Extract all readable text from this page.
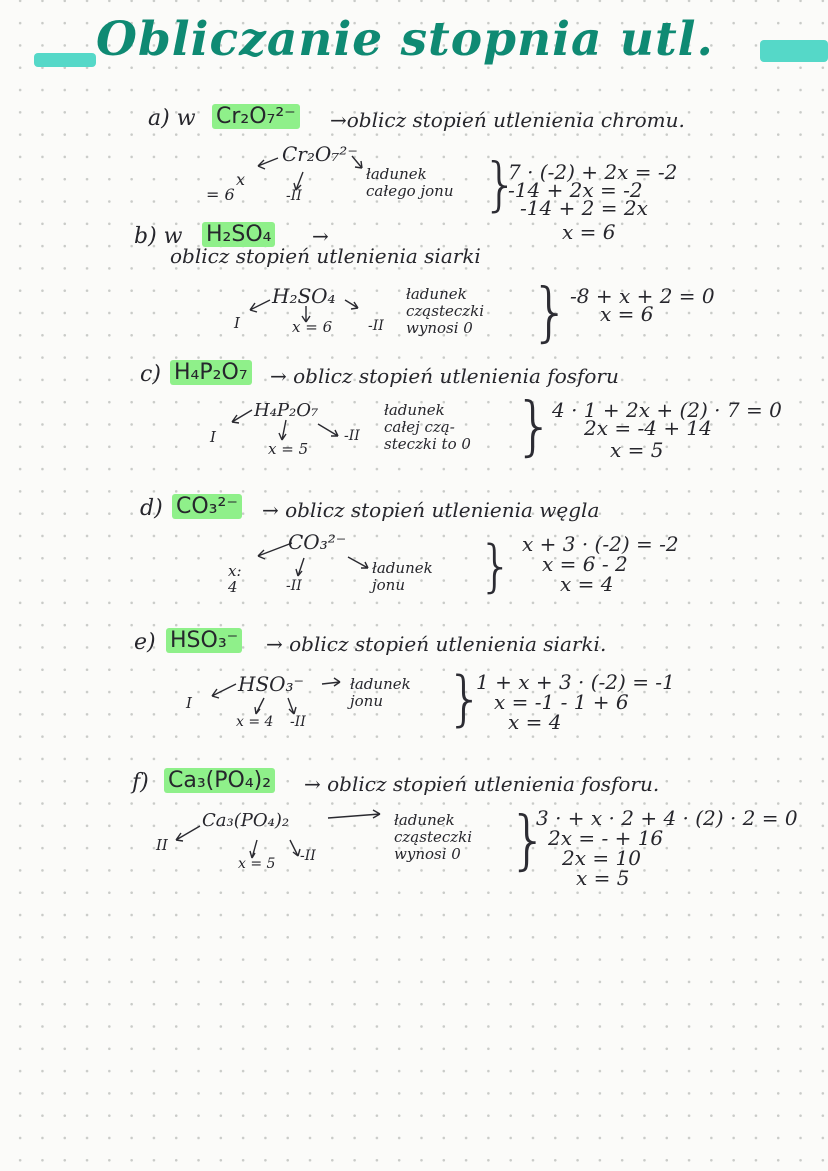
Obliczanie stopnia utl.
a) w Cr₂O₇²⁻ →oblicz stopień utlenienia chromu.
Cr₂O₇²⁻
x
= 6	-II
ładunek
całego jonu }
7 · (-2) + 2x = -2
-14 + 2x = -2
-14 + 2 = 2x
x = 6
b) w H₂SO₄ →
oblicz stopień utlenienia siarki
H₂SO₄
I	x = 6	-II
ładunek
cząsteczki
wynosi 0 } -8 + x + 2 = 0
x = 6
c) H₄P₂O₇ → oblicz stopień utlenienia fosforu
H₄P₂O₇
I
x = 5
-II
ładunek
całej czą-
steczki to 0 }
4 · 1 + 2x + (2) · 7 = 0
2x = -4 + 14
x = 5
d) CO₃²⁻ → oblicz stopień utlenienia węgla
CO₃²⁻
x:
4	-II
ładunek
jonu	} x + 3 · (-2) = -2
x = 6 - 2
x = 4
e) HSO₃⁻ → oblicz stopień utlenienia siarki.
HSO₃⁻
I
x = 4 -II
ładunek
jonu	}
1 + x + 3 · (-2) = -1
x = -1 - 1 + 6
x = 4
f) Ca₃(PO₄)₂ → oblicz stopień utlenienia fosforu.
Ca₃(PO₄)₂
II
x = 5 -II
ładunek
cząsteczki
wynosi 0 }
3 · + x · 2 + 4 · (2) · 2 = 0
2x = - + 16
2x = 10
x = 5
